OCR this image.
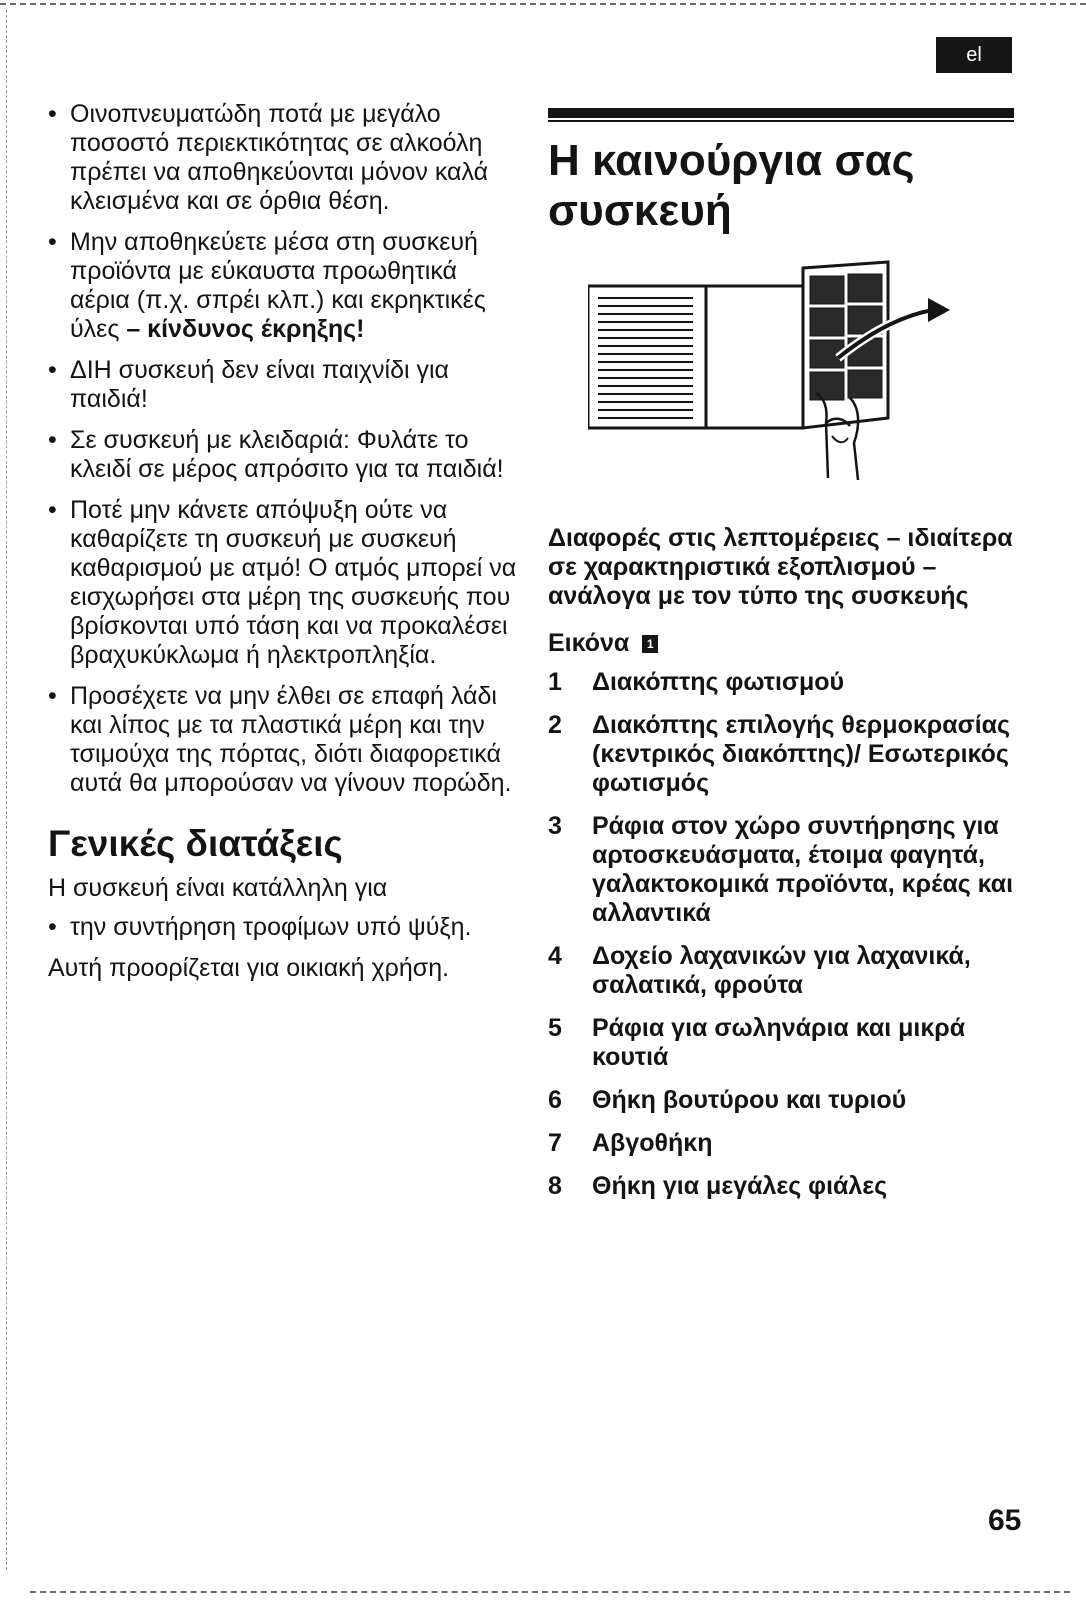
el
• Οινοπνευματώδη ποτά με μεγάλο ποσοστό περιεκτικότητας σε αλκοόλη πρέπει να αποθηκεύονται μόνον καλά κλεισμένα και σε όρθια θέση.
• Μην αποθηκεύετε μέσα στη συσκευή προϊόντα με εύκαυστα προωθητικά αέρια (π.χ. σπρέι κλπ.) και εκρηκτικές ύλες – κίνδυνος έκρηξης!
• ΔΙΗ συσκευή δεν είναι παιχνίδι για παιδιά!
• Σε συσκευή με κλειδαριά: Φυλάτε το κλειδί σε μέρος απρόσιτο για τα παιδιά!
• Ποτέ μην κάνετε απόψυξη ούτε να καθαρίζετε τη συσκευή με συσκευή καθαρισμού με ατμό! Ο ατμός μπορεί να εισχωρήσει στα μέρη της συσκευής που βρίσκονται υπό τάση και να προκαλέσει βραχυκύκλωμα ή ηλεκτροπληξία.
• Προσέχετε να μην έλθει σε επαφή λάδι και λίπος με τα πλαστικά μέρη και την τσιμούχα της πόρτας, διότι διαφορετικά αυτά θα μπορούσαν να γίνουν πορώδη.
Γενικές διατάξεις

Η συσκευή είναι κατάλληλη για

• την συντήρηση τροφίμων υπό ψύξη.

Αυτή προορίζεται για οικιακή χρήση.

Η καινούργια σας συσκευή
Διαφορές στις λεπτομέρειες – ιδιαίτερα σε χαρακτηριστικά εξοπλισμού – ανάλογα με τον τύπο της συσκευής
Εικόνα 1
1	Διακόπτης φωτισμού
2	Διακόπτης επιλογής θερμοκρασίας (κεντρικός διακόπτης)/ Εσωτερικός φωτισμός
3	Ράφια στον χώρο συντήρησης για αρτοσκευάσματα, έτοιμα φαγητά, γαλακτοκομικά προϊόντα, κρέας και αλλαντικά
4	Δοχείο λαχανικών για λαχανικά, σαλατικά, φρούτα
5	Ράφια για σωληνάρια και μικρά κουτιά
6	Θήκη βουτύρου και τυριού
7	Αβγοθήκη
8	Θήκη για μεγάλες φιάλες
65
